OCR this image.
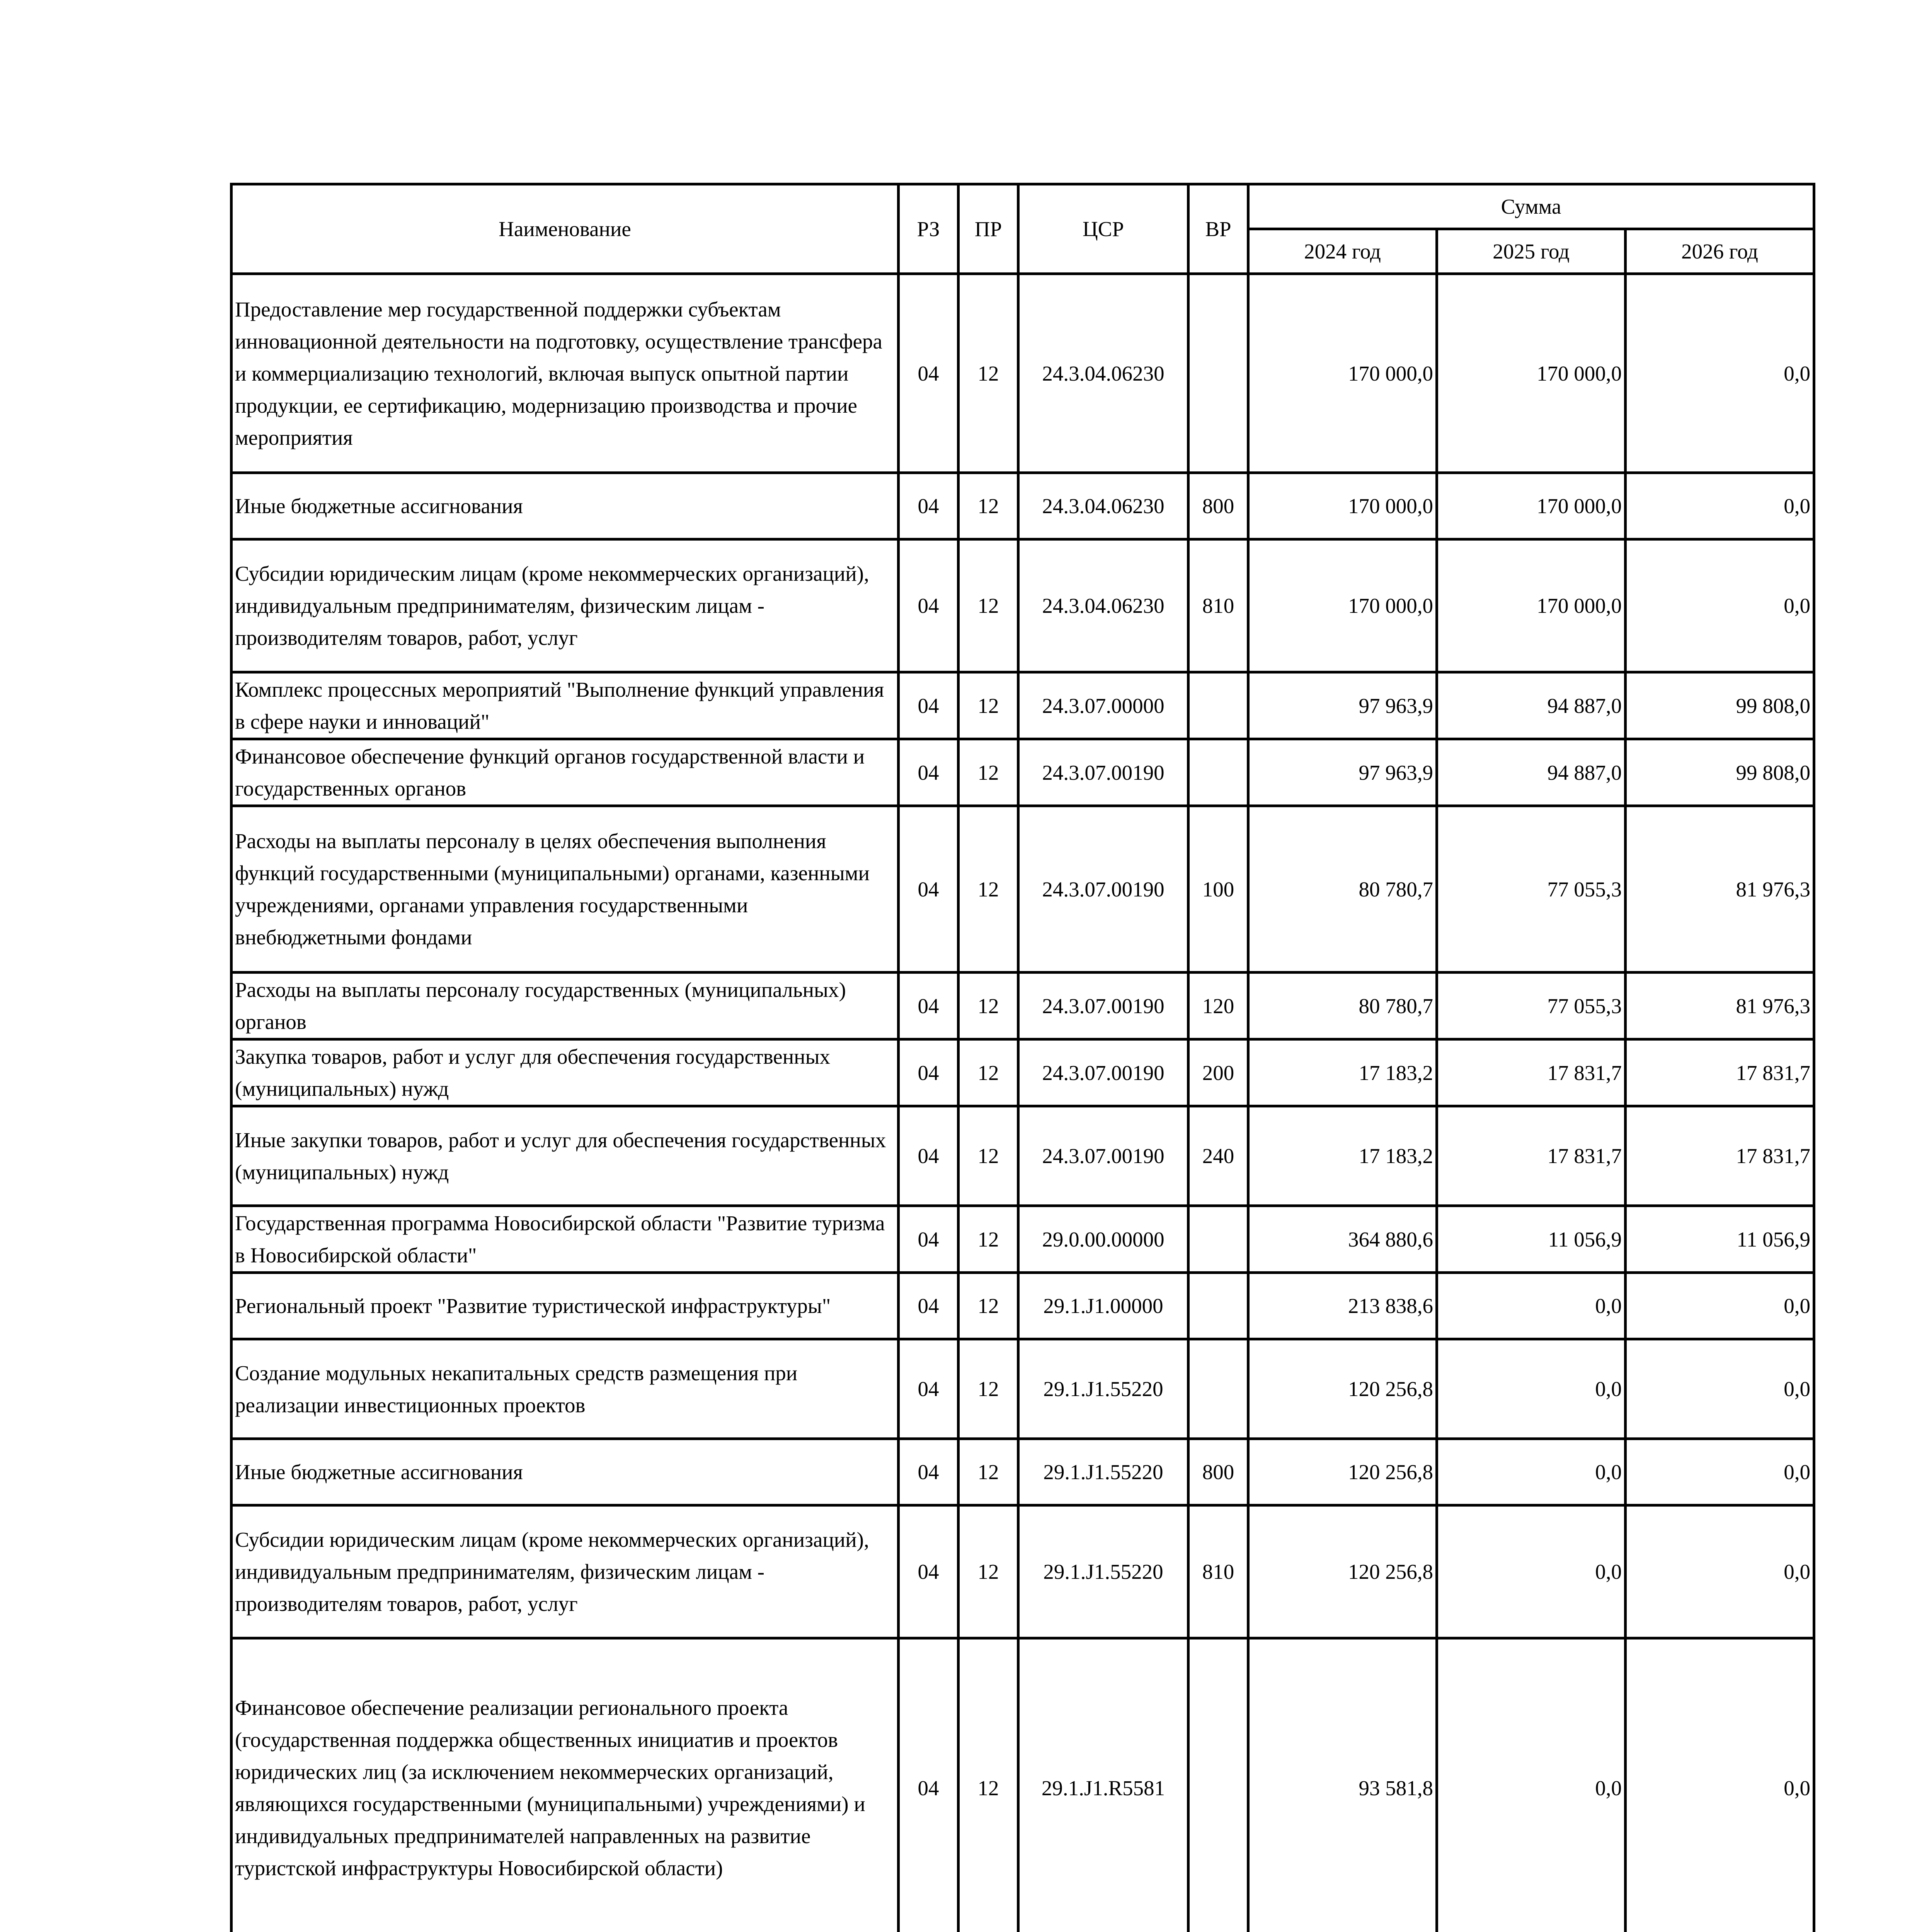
Наименование	РЗ	ПР	ЦСР	ВР	Сумма		
					2024 год	2025 год	2026 год
Предоставление мер государственной поддержки субъектам инновационной деятельности на подготовку, осуществление трансфера и коммерциализацию технологий, включая выпуск опытной партии продукции, ее сертификацию, модернизацию производства и прочие мероприятия	04	12	24.3.04.06230		170 000,0	170 000,0	0,0
Иные бюджетные ассигнования	04	12	24.3.04.06230	800	170 000,0	170 000,0	0,0
Субсидии юридическим лицам (кроме некоммерческих организаций), индивидуальным предпринимателям, физическим лицам - производителям товаров, работ, услуг	04	12	24.3.04.06230	810	170 000,0	170 000,0	0,0
Комплекс процессных мероприятий "Выполнение функций управления в сфере науки и инноваций"	04	12	24.3.07.00000		97 963,9	94 887,0	99 808,0
Финансовое обеспечение функций органов государственной власти и государственных органов	04	12	24.3.07.00190		97 963,9	94 887,0	99 808,0
Расходы на выплаты персоналу в целях обеспечения выполнения функций государственными (муниципальными) органами, казенными учреждениями, органами управления государственными внебюджетными фондами	04	12	24.3.07.00190	100	80 780,7	77 055,3	81 976,3
Расходы на выплаты персоналу государственных (муниципальных) органов	04	12	24.3.07.00190	120	80 780,7	77 055,3	81 976,3
Закупка товаров, работ и услуг для обеспечения государственных (муниципальных) нужд	04	12	24.3.07.00190	200	17 183,2	17 831,7	17 831,7
Иные закупки товаров, работ и услуг для обеспечения государственных (муниципальных) нужд	04	12	24.3.07.00190	240	17 183,2	17 831,7	17 831,7
Государственная программа Новосибирской области "Развитие туризма в Новосибирской области"	04	12	29.0.00.00000		364 880,6	11 056,9	11 056,9
Региональный проект "Развитие туристической инфраструктуры"	04	12	29.1.J1.00000		213 838,6	0,0	0,0
Создание модульных некапитальных средств размещения при реализации инвестиционных проектов	04	12	29.1.J1.55220		120 256,8	0,0	0,0
Иные бюджетные ассигнования	04	12	29.1.J1.55220	800	120 256,8	0,0	0,0
Субсидии юридическим лицам (кроме некоммерческих организаций), индивидуальным предпринимателям, физическим лицам - производителям товаров, работ, услуг	04	12	29.1.J1.55220	810	120 256,8	0,0	0,0
Финансовое обеспечение реализации регионального проекта (государственная поддержка общественных инициатив и проектов юридических лиц (за исключением некоммерческих организаций, являющихся государственными (муниципальными) учреждениями) и индивидуальных предпринимателей направленных на развитие туристской инфраструктуры Новосибирской области)	04	12	29.1.J1.R5581		93 581,8	0,0	0,0
